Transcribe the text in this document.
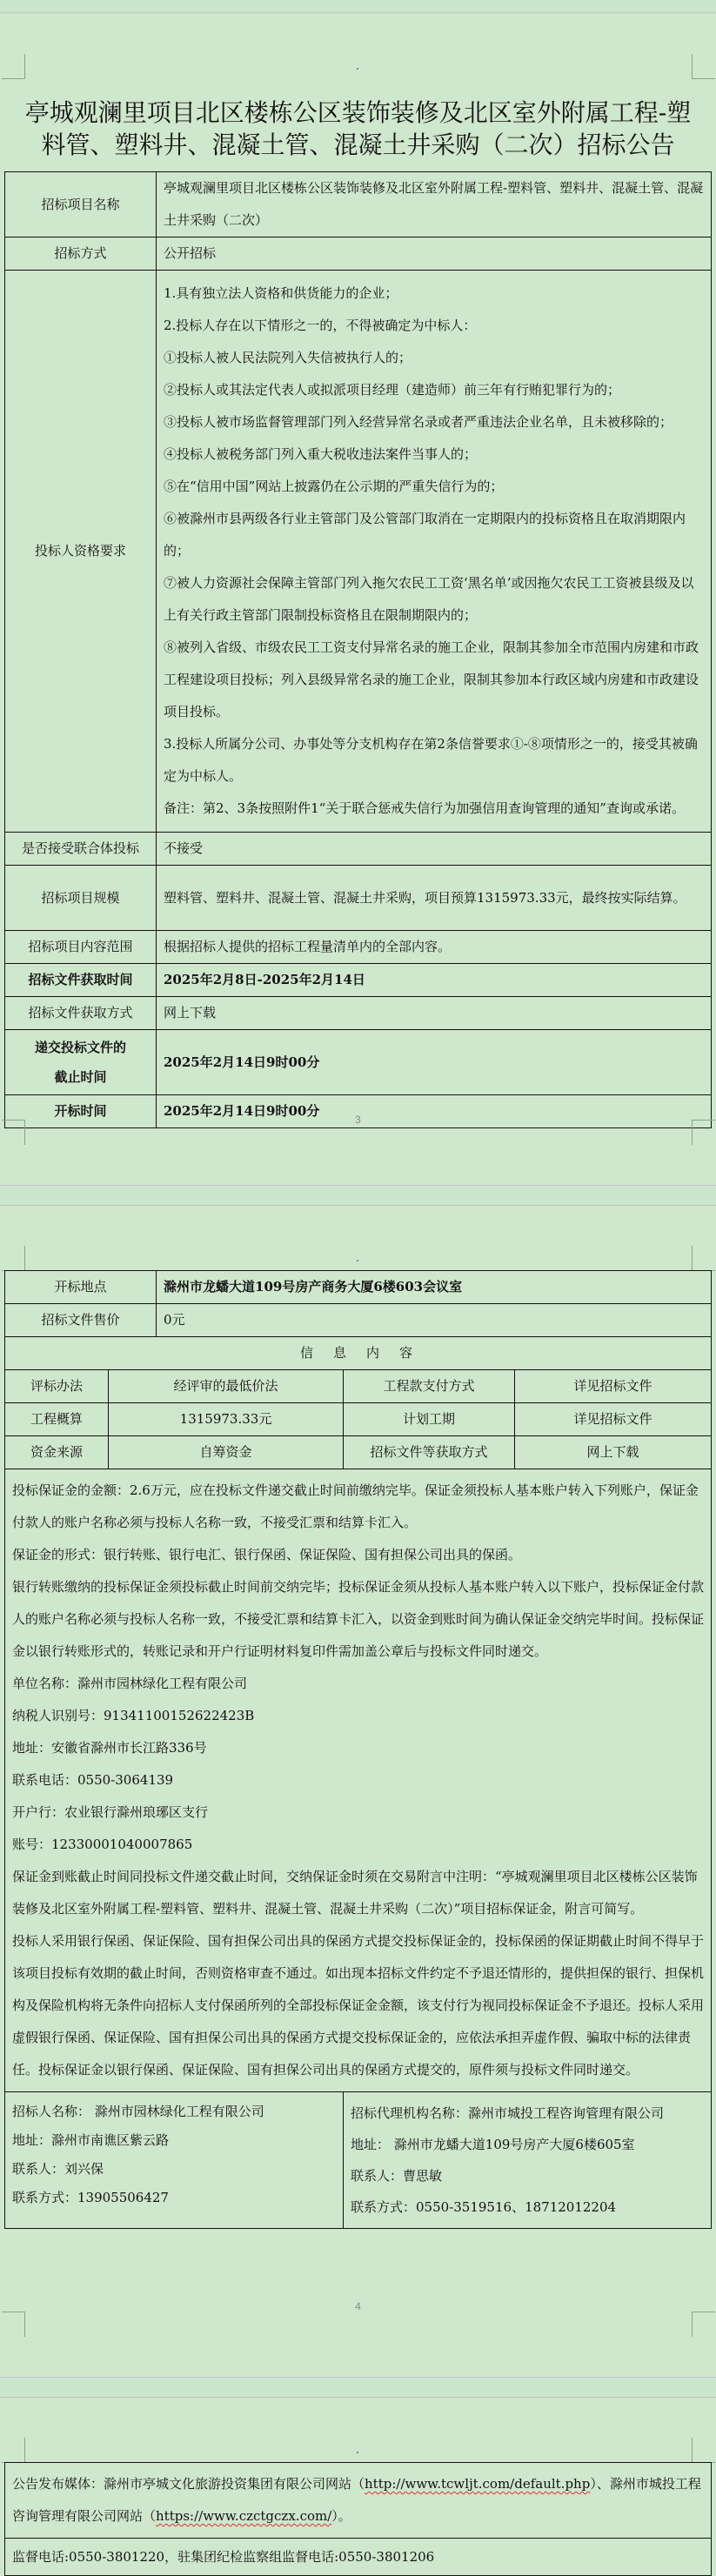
亭城观澜里项目北区楼栋公区装饰装修及北区室外附属工程-塑料管、塑料井、混凝土管、混凝土井采购（二次）招标公告
招标项目名称	亭城观澜里项目北区楼栋公区装饰装修及北区室外附属工程-塑料管、塑料井、混凝土管、混凝土井采购（二次）
招标方式	公开招标
投标人资格要求	

1.具有独立法人资格和供货能力的企业；

2.投标人存在以下情形之一的，不得被确定为中标人：

①投标人被人民法院列入失信被执行人的；

②投标人或其法定代表人或拟派项目经理（建造师）前三年有行贿犯罪行为的；

③投标人被市场监督管理部门列入经营异常名录或者严重违法企业名单，且未被移除的；

④投标人被税务部门列入重大税收违法案件当事人的；

⑤在“信用中国”网站上披露仍在公示期的严重失信行为的；

⑥被滁州市县两级各行业主管部门及公管部门取消在一定期限内的投标资格且在取消期限内的；

⑦被人力资源社会保障主管部门列入拖欠农民工工资‘黑名单’或因拖欠农民工工资被县级及以上有关行政主管部门限制投标资格且在限制期限内的；

⑧被列入省级、市级农民工工资支付异常名录的施工企业，限制其参加全市范围内房建和市政工程建设项目投标；列入县级异常名录的施工企业，限制其参加本行政区域内房建和市政建设项目投标。

3.投标人所属分公司、办事处等分支机构存在第2条信誉要求①-⑧项情形之一的，接受其被确定为中标人。

备注：第2、3条按照附件1“关于联合惩戒失信行为加强信用查询管理的通知”查询或承诺。

是否接受联合体投标	不接受
招标项目规模	塑料管、塑料井、混凝土管、混凝土井采购，项目预算1315973.33元，最终按实际结算。
招标项目内容范围	根据招标人提供的招标工程量清单内的全部内容。
招标文件获取时间	2025年2月8日-2025年2月14日
招标文件获取方式	网上下载

递交投标文件的
截止时间	2025年2月14日9时00分
开标时间	2025年2月14日9时00分
3
开标地点		滁州市龙蟠大道109号房产商务大厦6楼603会议室		
招标文件售价		0元		
信　息　内　容				
评标办法	经评审的最低价法		工程款支付方式	详见招标文件
工程概算	1315973.33元		计划工期	详见招标文件
资金来源	自筹资金		招标文件等获取方式	网上下载

投标保证金的金额：2.6万元，应在投标文件递交截止时间前缴纳完毕。保证金须投标人基本账户转入下列账户，保证金付款人的账户名称必须与投标人名称一致，不接受汇票和结算卡汇入。

保证金的形式：银行转账、银行电汇、银行保函、保证保险、国有担保公司出具的保函。

银行转账缴纳的投标保证金须投标截止时间前交纳完毕；投标保证金须从投标人基本账户转入以下账户，投标保证金付款人的账户名称必须与投标人名称一致，不接受汇票和结算卡汇入，以资金到账时间为确认保证金交纳完毕时间。投标保证金以银行转账形式的，转账记录和开户行证明材料复印件需加盖公章后与投标文件同时递交。

单位名称：滁州市园林绿化工程有限公司

纳税人识别号：9134110015262242​3B

地址：安徽省滁州市长江路336号

联系电话：0550-3064139

开户行：农业银行滁州琅琊区支行

账号：12330001040007865

保证金到账截止时间同投标文件递交截止时间，交纳保证金时须在交易附言中注明：“亭城观澜里项目北区楼栋公区装饰装修及北区室外附属工程-塑料管、塑料井、混凝土管、混凝土井采购（二次）”项目招标保证金，附言可简写。

投标人采用银行保函、保证保险、国有担保公司出具的保函方式提交投标保证金的，投标保函的保证期截止时间不得早于该项目投标有效期的截止时间，否则资格审查不通过。如出现本招标文件约定不予退还情形的，提供担保的银行、担保机构及保险机构将无条件向招标人支付保函所列的全部投标保证金金额，该支付行为视同投标保证金不予退还。投标人采用虚假银行保函、保证保险、国有担保公司出具的保函方式提交投标保证金的，应依法承担弄虚作假、骗取中标的法律责任。投标保证金以银行保函、保证保险、国有担保公司出具的保函方式提交的，原件须与投标文件同时递交。

招标人名称： 滁州市园林绿化工程有限公司
地址：滁州市南谯区紫云路
联系人：刘兴保
联系方式：13905506427

招标代理机构名称：滁州市城投工程咨询管理有限公司
地址： 滁州市龙蟠大道109号房产大厦6楼605室
联系人：曹思敏
联系方式：0550-3519516、18712012204
4
公告发布媒体：滁州市亭城文化旅游投资集团有限公司网站（http://www.tcwljt.com/default.php）、滁州市城投工程咨询管理有限公司网站（https://www.czctgczx.com/）。
监督电话:0550-3801220，驻集团纪检监察组监督电话:0550-3801206
